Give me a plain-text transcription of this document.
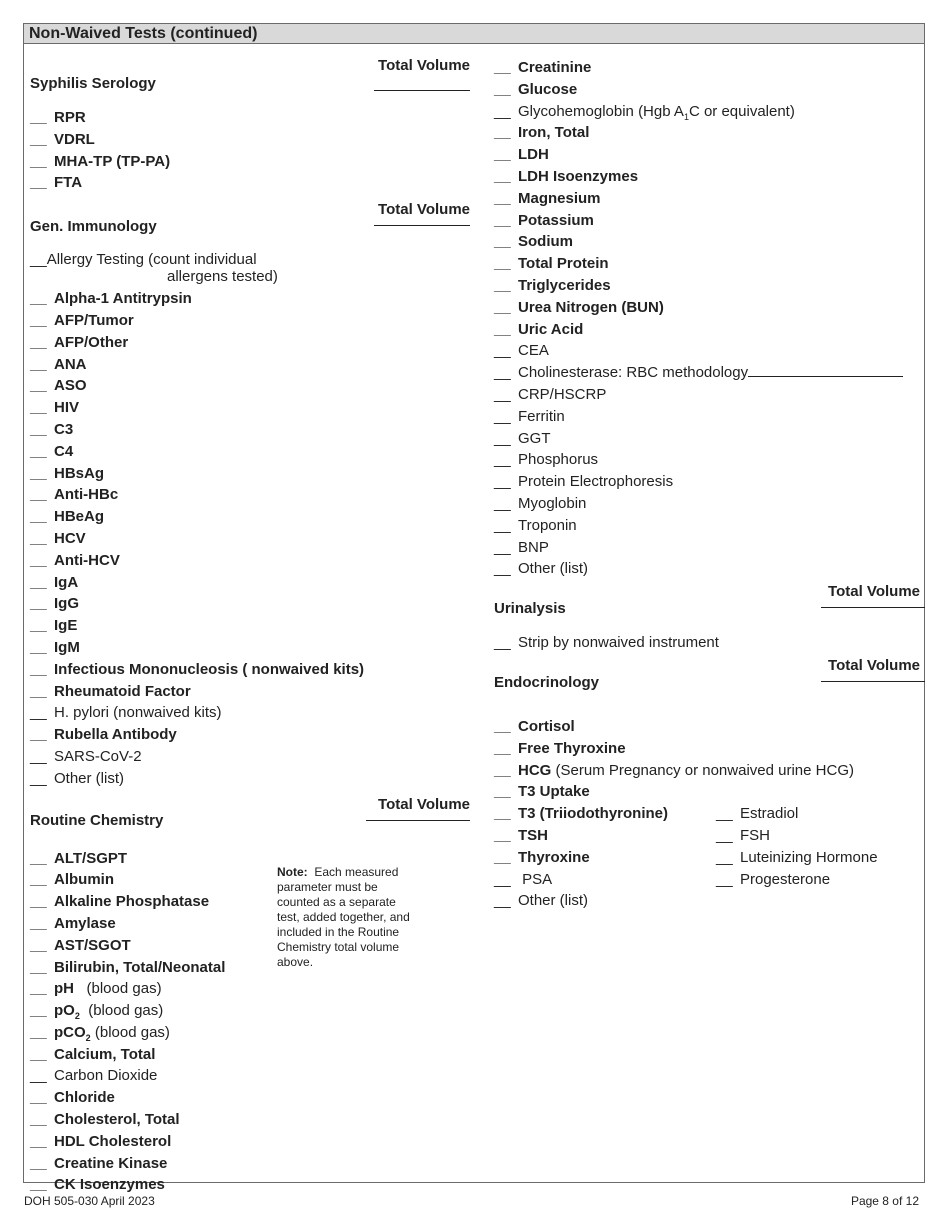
Non-Waived Tests (continued)
Total Volume
Syphilis Serology
__ RPR
__ VDRL
__ MHA-TP (TP-PA)
__ FTA
Total Volume
Gen. Immunology
__Allergy Testing (count individual
allergens tested)
__ Alpha-1 Antitrypsin
__ AFP/Tumor
__ AFP/Other
__ ANA
__ ASO
__ HIV
__ C3
__ C4
__ HBsAg
__ Anti-HBc
__ HBeAg
__ HCV
__ Anti-HCV
__ IgA
__ IgG
__ IgE
__ IgM
__ Infectious Mononucleosis ( nonwaived kits)
__ Rheumatoid Factor
__ H. pylori (nonwaived kits)
__ Rubella Antibody
__ SARS-CoV-2
__ Other (list)
Total Volume
Routine Chemistry
__ ALT/SGPT
__ Albumin
__ Alkaline Phosphatase
__ Amylase
__ AST/SGOT
__ Bilirubin, Total/Neonatal
__ pH (blood gas)
__ $pO_2$ (blood gas)
__ pCO$_2$ (blood gas)
__ Calcium, Total
__ Carbon Dioxide
__ Chloride
__ Cholesterol, Total
__ HDL Cholesterol
__ Creatine Kinase
__ CK Isoenzymes
Note: Each measured parameter must be counted as a separate test, added together, and included in the Routine Chemistry total volume above.
__ Creatinine
__ Glucose
__ Glycohemoglobin (Hgb $A_1C$ or equivalent)
__ Iron, Total
__ LDH
__ LDH Isoenzymes
__ Magnesium
__ Potassium
__ Sodium
__ Total Protein
__ Triglycerides
__ Urea Nitrogen (BUN)
__ Uric Acid
__ CEA
__ Cholinesterase: RBC methodology
__ CRP/HSCRP
__ Ferritin
__ GGT
__ Phosphorus
__ Protein Electrophoresis
__ Myoglobin
__ Troponin
__ BNP
__ Other (list)
Total Volume
Urinalysis
__ Strip by nonwaived instrument
Total Volume
Endocrinology
__ Cortisol
__ Free Thyroxine
__ HCG (Serum Pregnancy or nonwaived urine HCG)
__ T3 Uptake
__ T3 (Triiodothyronine)	__ Estradiol
__ TSH	__ FSH
__ Thyroxine	__ Luteinizing Hormone
__ PSA	__ Progesterone
__ Other (list)
DOH 505-030 April 2023	Page 8 of 12
